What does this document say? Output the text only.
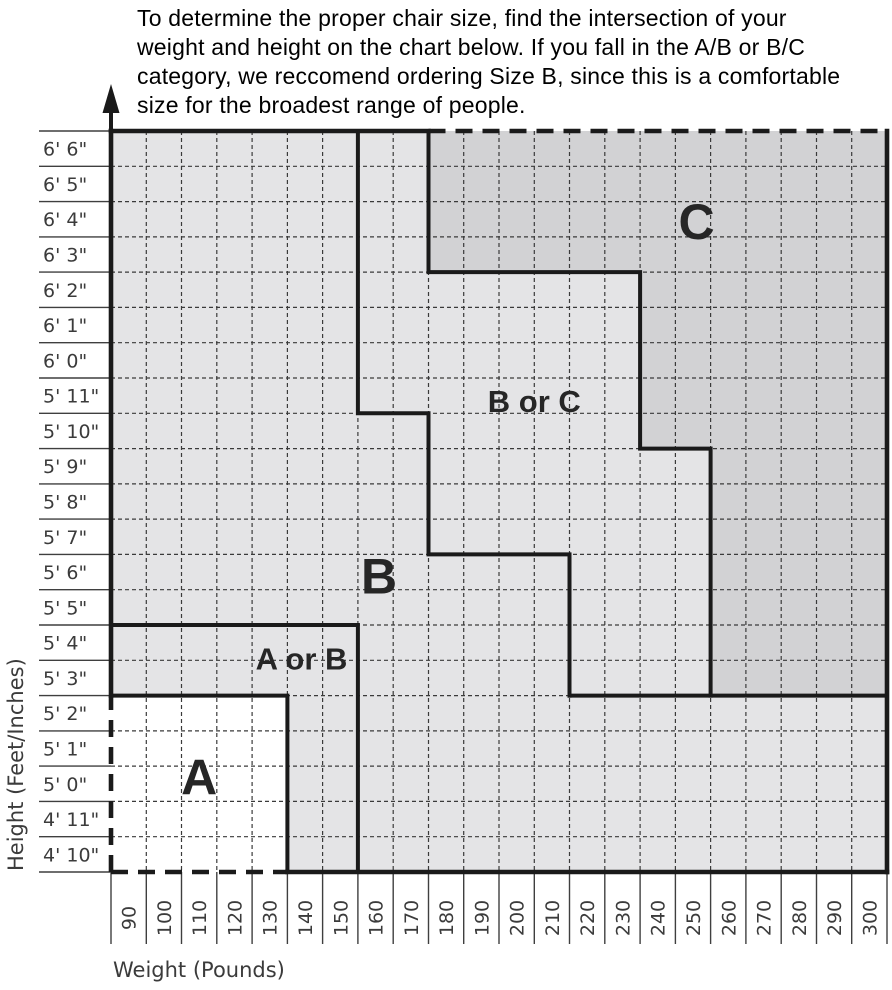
To determine the proper chair size, find the intersection of your
weight and height on the chart below. If you fall in the A/B or B/C
category, we reccomend ordering Size B, since this is a comfortable
size for the broadest range of people.
6' 6"
6' 5"
6' 4"
6' 3"
6' 2"
6' 1"
6' 0"
5' 11"
5' 10"
5' 9"
5' 8"
5' 7"
5' 6"
5' 5"
5' 4"
5' 3"
5' 2"
5' 1"
5' 0"
4' 11"
4' 10"
90 100 110 120 130 140 150 160 170 180 190 200 210 220 230 240 250 260 270 280 290 300
B
A or B
B or C
A
C
Height (Feet/Inches)
Weight (Pounds)
